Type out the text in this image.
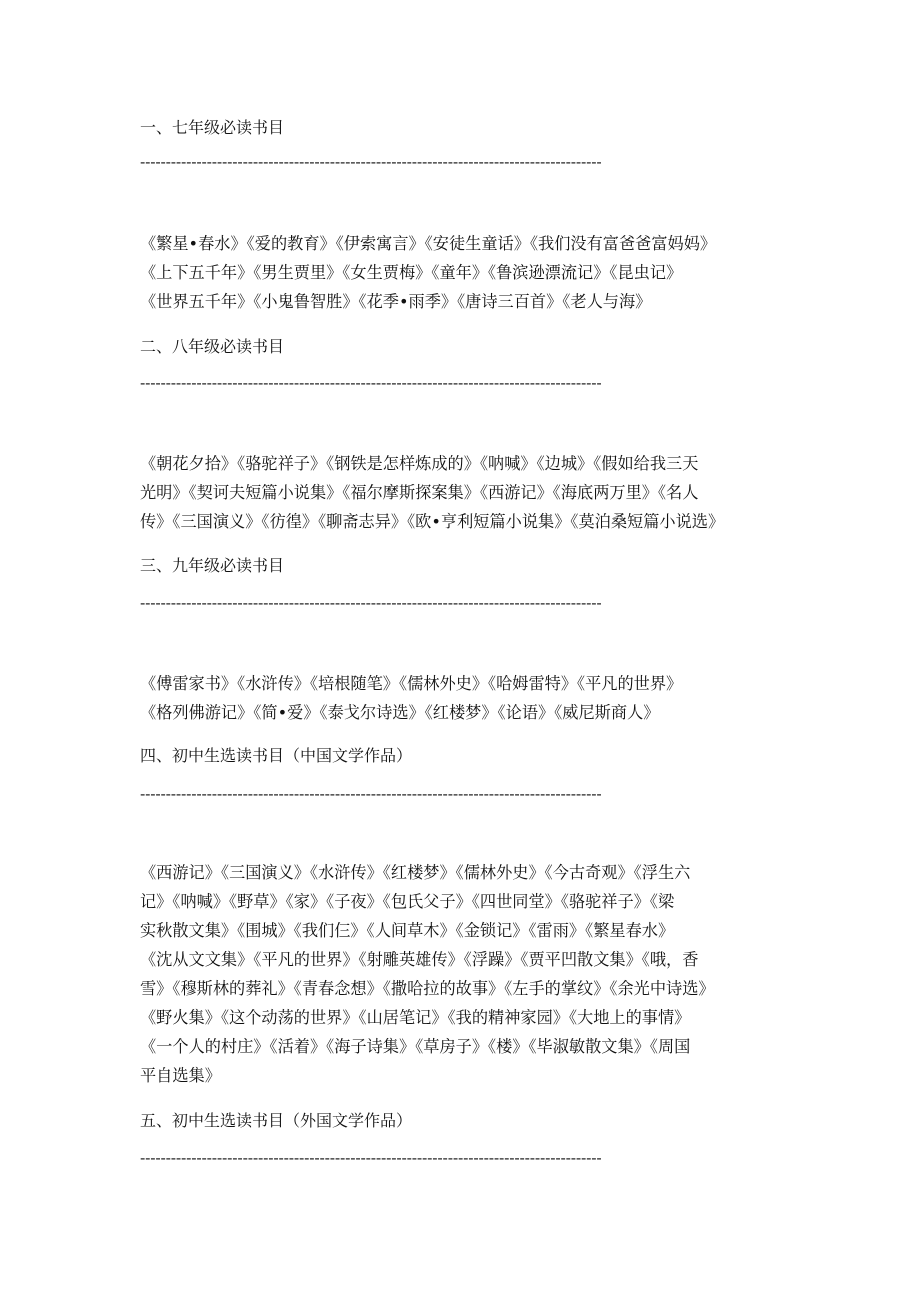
一、七年级必读书目
------------------------------------------------------------------------------------------
《繁星•春水》《爱的教育》《伊索寓言》《安徒生童话》《我们没有富爸爸富妈妈》
《上下五千年》《男生贾里》《女生贾梅》《童年》《鲁滨逊漂流记》《昆虫记》
《世界五千年》《小鬼鲁智胜》《花季•雨季》《唐诗三百首》《老人与海》
二、八年级必读书目
------------------------------------------------------------------------------------------
《朝花夕拾》《骆驼祥子》《钢铁是怎样炼成的》《呐喊》《边城》《假如给我三天
光明》《契诃夫短篇小说集》《福尔摩斯探案集》《西游记》《海底两万里》《名人
传》《三国演义》《彷徨》《聊斋志异》《欧•亨利短篇小说集》《莫泊桑短篇小说选》
三、九年级必读书目
------------------------------------------------------------------------------------------
《傅雷家书》《水浒传》《培根随笔》《儒林外史》《哈姆雷特》《平凡的世界》
《格列佛游记》《简•爱》《泰戈尔诗选》《红楼梦》《论语》《威尼斯商人》
四、初中生选读书目（中国文学作品）
------------------------------------------------------------------------------------------
《西游记》《三国演义》《水浒传》《红楼梦》《儒林外史》《今古奇观》《浮生六
记》《呐喊》《野草》《家》《子夜》《包氏父子》《四世同堂》《骆驼祥子》《梁
实秋散文集》《围城》《我们仨》《人间草木》《金锁记》《雷雨》《繁星春水》
《沈从文文集》《平凡的世界》《射雕英雄传》《浮躁》《贾平凹散文集》《哦，香
雪》《穆斯林的葬礼》《青春念想》《撒哈拉的故事》《左手的掌纹》《余光中诗选》
《野火集》《这个动荡的世界》《山居笔记》《我的精神家园》《大地上的事情》
《一个人的村庄》《活着》《海子诗集》《草房子》《楼》《毕淑敏散文集》《周国
平自选集》
五、初中生选读书目（外国文学作品）
------------------------------------------------------------------------------------------
